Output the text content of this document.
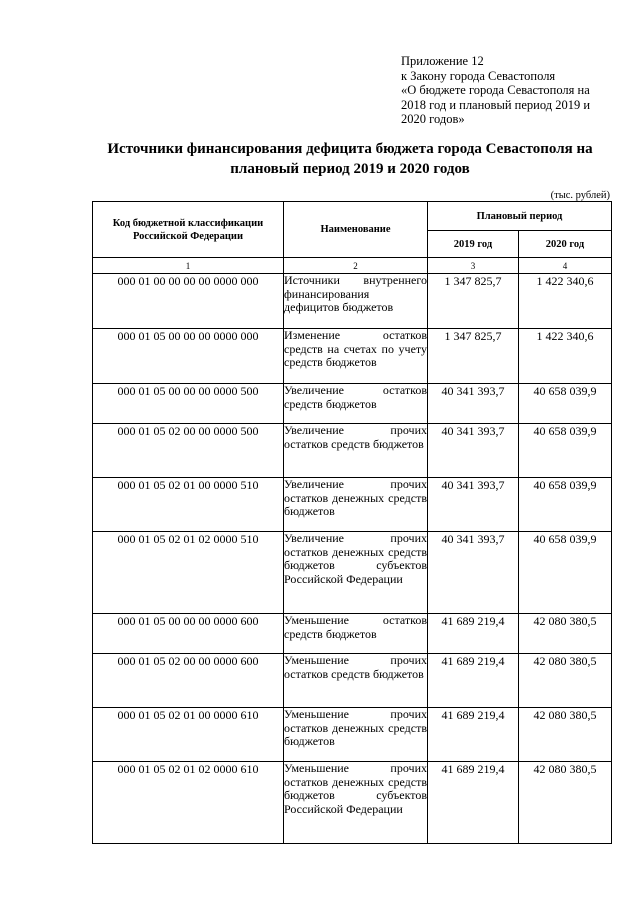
Приложение 12
к Закону города Севастополя
«О бюджете города Севастополя на
2018 год и плановый период 2019 и
2020 годов»
Источники финансирования дефицита бюджета города Севастополя на плановый период 2019 и 2020 годов
(тыс. рублей)
Код бюджетной классификации Российской Федерации	Наименование	Плановый период	
		2019 год	2020 год
1	2	3	4
000 01 00 00 00 00 0000 000	Источники внутреннего финансирования дефицитов бюджетов	1 347 825,7	1 422 340,6
000 01 05 00 00 00 0000 000	Изменение остатков средств на счетах по учету средств бюджетов	1 347 825,7	1 422 340,6
000 01 05 00 00 00 0000 500	Увеличение остатков средств бюджетов	40 341 393,7	40 658 039,9
000 01 05 02 00 00 0000 500	Увеличение прочих остатков средств бюджетов	40 341 393,7	40 658 039,9
000 01 05 02 01 00 0000 510	Увеличение прочих остатков денежных средств бюджетов	40 341 393,7	40 658 039,9
000 01 05 02 01 02 0000 510	Увеличение прочих остатков денежных средств бюджетов субъектов Российской Федерации	40 341 393,7	40 658 039,9
000 01 05 00 00 00 0000 600	Уменьшение остатков средств бюджетов	41 689 219,4	42 080 380,5
000 01 05 02 00 00 0000 600	Уменьшение прочих остатков средств бюджетов	41 689 219,4	42 080 380,5
000 01 05 02 01 00 0000 610	Уменьшение прочих остатков денежных средств бюджетов	41 689 219,4	42 080 380,5
000 01 05 02 01 02 0000 610	Уменьшение прочих остатков денежных средств бюджетов субъектов Российской Федерации	41 689 219,4	42 080 380,5
